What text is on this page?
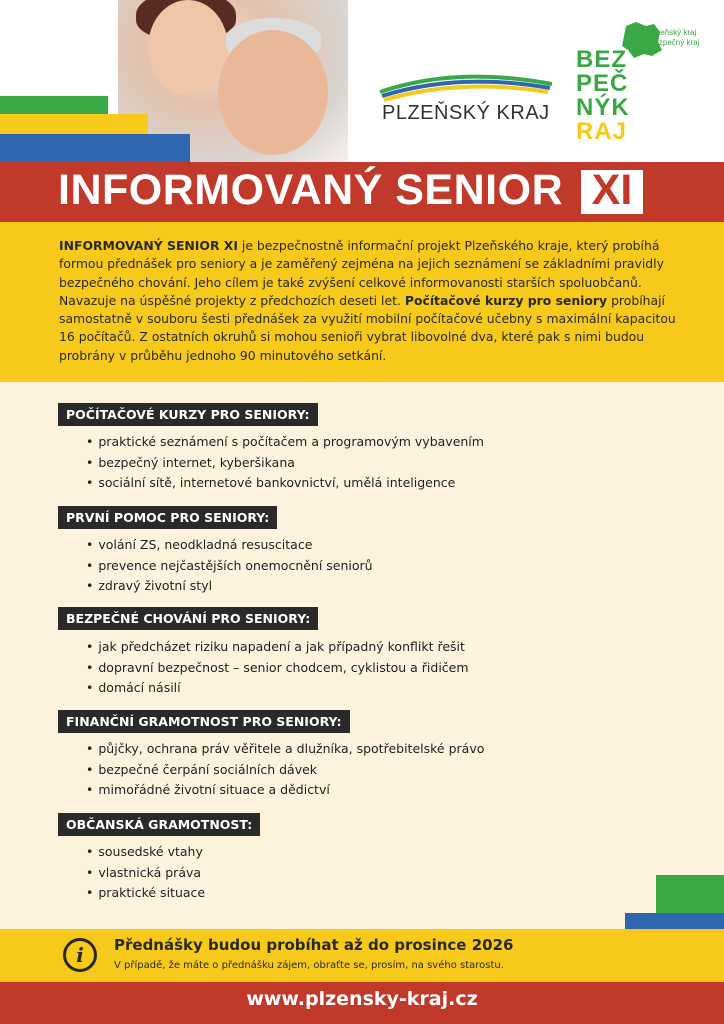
PLZEŇSKÝ KRAJ
plzeňský kraj
bezpečný kraj
BEZ
PEČ
NÝK
RAJ
INFORMOVANÝ SENIOR XI
INFORMOVANÝ SENIOR XI je bezpečnostně informační projekt Plzeňského kraje, který probíhá formou přednášek pro seniory a je zaměřený zejména na jejich seznámení se základními pravidly bezpečného chování. Jeho cílem je také zvýšení celkové informovanosti starších spoluobčanů. Navazuje na úspěšné projekty z předchozích deseti let. Počítačové kurzy pro seniory probíhají samostatně v souboru šesti přednášek za využití mobilní počítačové učebny s maximální kapacitou 16 počítačů. Z ostatních okruhů si mohou senioři vybrat libovolné dva, které pak s nimi budou probrány v průběhu jednoho 90 minutového setkání.
POČÍTAČOVÉ KURZY PRO SENIORY:
• praktické seznámení s počítačem a programovým vybavením
• bezpečný internet, kyberšikana
• sociální sítě, internetové bankovnictví, umělá inteligence
PRVNÍ POMOC PRO SENIORY:
• volání ZS, neodkladná resuscitace
• prevence nejčastějších onemocnění seniorů
• zdravý životní styl
BEZPEČNÉ CHOVÁNÍ PRO SENIORY:
• jak předcházet riziku napadení a jak případný konflikt řešit
• dopravní bezpečnost – senior chodcem, cyklistou a řidičem
• domácí násilí
FINANČNÍ GRAMOTNOST PRO SENIORY:
• půjčky, ochrana práv věřitele a dlužníka, spotřebitelské právo
• bezpečné čerpání sociálních dávek
• mimořádné životní situace a dědictví
OBČANSKÁ GRAMOTNOST:
• sousedské vtahy
• vlastnická práva
• praktické situace
i	Přednášky budou probíhat až do prosince 2026
V případě, že máte o přednášku zájem, obraťte se, prosím, na svého starostu.
www.plzensky-kraj.cz
